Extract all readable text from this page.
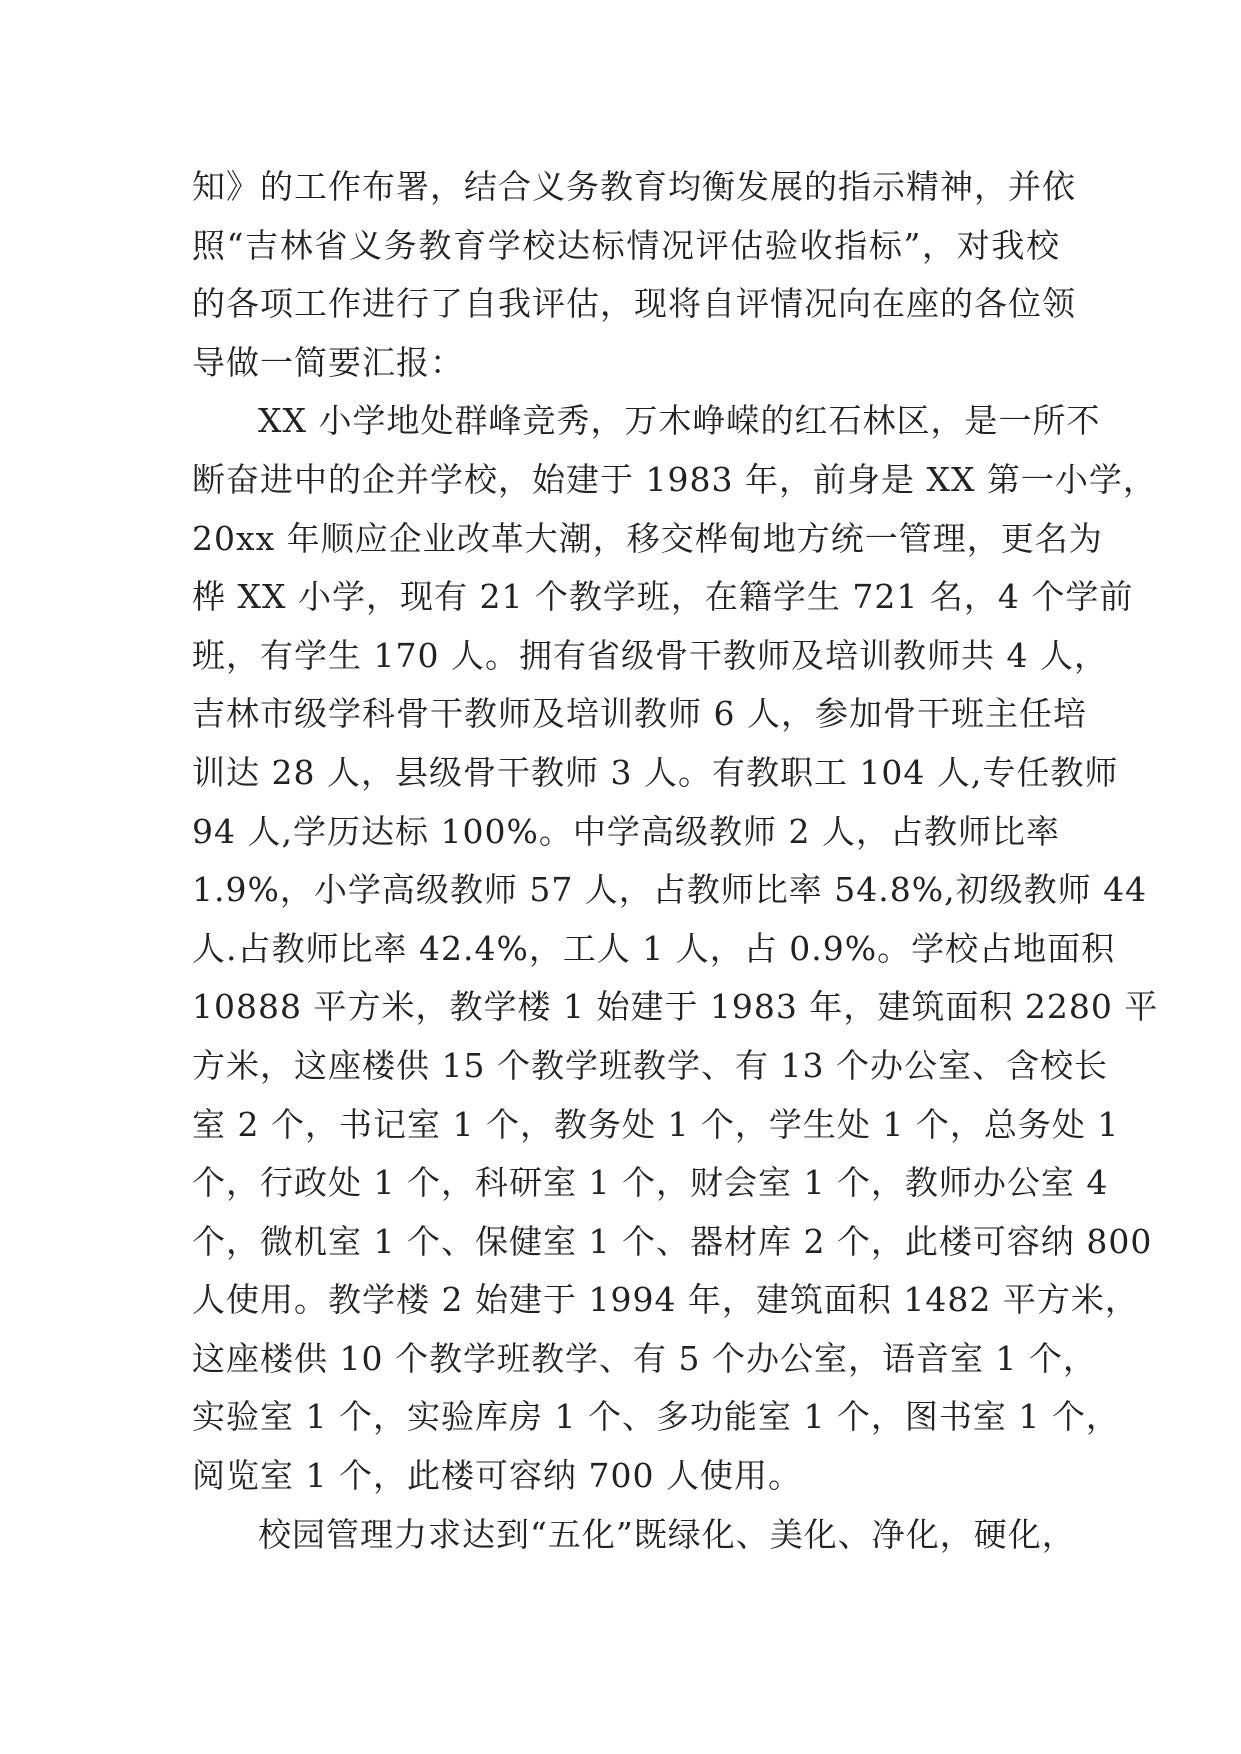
知》的工作布署，结合义务教育均衡发展的指示精神，并依
照“吉林省义务教育学校达标情况评估验收指标”，对我校
的各项工作进行了自我评估，现将自评情况向在座的各位领
导做一简要汇报：
XX 小学地处群峰竞秀，万木峥嵘的红石林区，是一所不
断奋进中的企并学校，始建于 1983 年，前身是 XX 第一小学，
20xx 年顺应企业改革大潮，移交桦甸地方统一管理，更名为
桦 XX 小学，现有 21 个教学班，在籍学生 721 名，4 个学前
班，有学生 170 人。拥有省级骨干教师及培训教师共 4 人，
吉林市级学科骨干教师及培训教师 6 人，参加骨干班主任培
训达 28 人，县级骨干教师 3 人。有教职工 104 人,专任教师
94 人,学历达标 100%。中学高级教师 2 人，占教师比率
1.9%，小学高级教师 57 人，占教师比率 54.8%,初级教师 44
人.占教师比率 42.4%，工人 1 人，占 0.9%。学校占地面积
10888 平方米，教学楼 1 始建于 1983 年，建筑面积 2280 平
方米，这座楼供 15 个教学班教学、有 13 个办公室、含校长
室 2 个，书记室 1 个，教务处 1 个，学生处 1 个，总务处 1
个，行政处 1 个，科研室 1 个，财会室 1 个，教师办公室 4
个，微机室 1 个、保健室 1 个、器材库 2 个，此楼可容纳 800
人使用。教学楼 2 始建于 1994 年，建筑面积 1482 平方米，
这座楼供 10 个教学班教学、有 5 个办公室，语音室 1 个，
实验室 1 个，实验库房 1 个、多功能室 1 个，图书室 1 个，
阅览室 1 个，此楼可容纳 700 人使用。
校园管理力求达到“五化”既绿化、美化、净化，硬化，
